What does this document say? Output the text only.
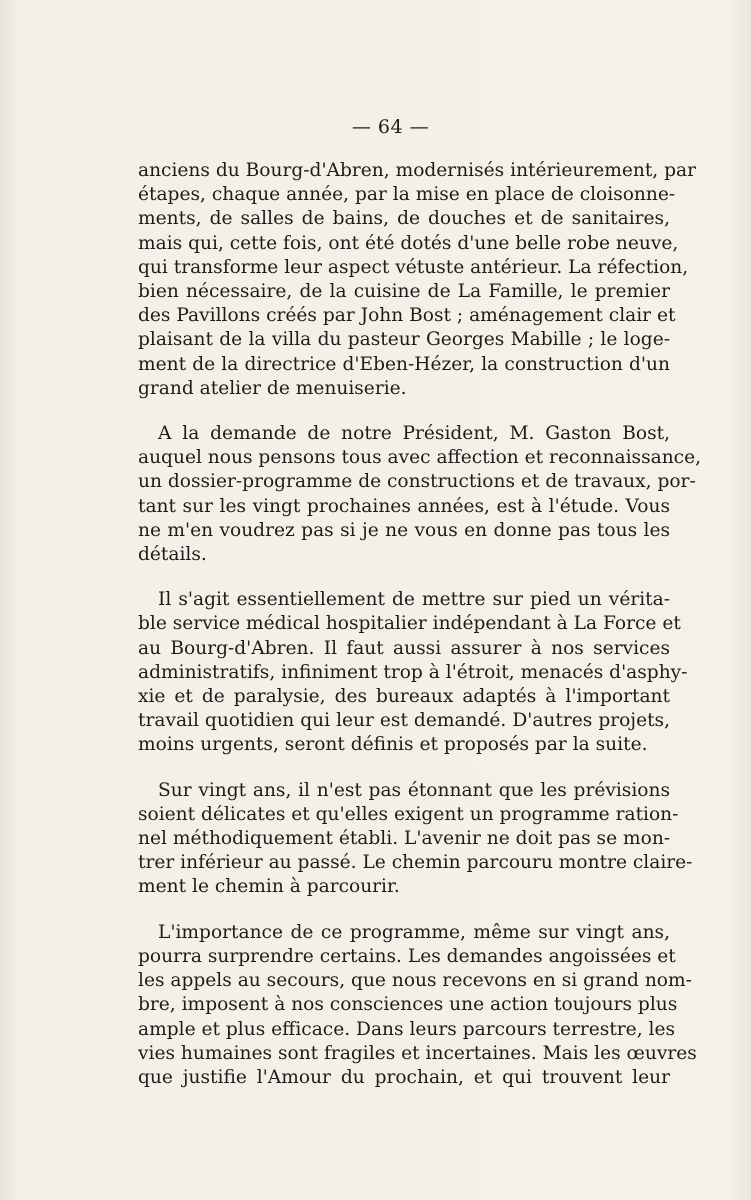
— 64 —
anciens du Bourg-d'Abren, modernisés intérieurement, par
étapes, chaque année, par la mise en place de cloisonne-
ments, de salles de bains, de douches et de sanitaires,
mais qui, cette fois, ont été dotés d'une belle robe neuve,
qui transforme leur aspect vétuste antérieur. La réfection,
bien nécessaire, de la cuisine de La Famille, le premier
des Pavillons créés par John Bost ; aménagement clair et
plaisant de la villa du pasteur Georges Mabille ; le loge-
ment de la directrice d'Eben-Hézer, la construction d'un
grand atelier de menuiserie.
A la demande de notre Président, M. Gaston Bost,
auquel nous pensons tous avec affection et reconnaissance,
un dossier-programme de constructions et de travaux, por-
tant sur les vingt prochaines années, est à l'étude. Vous
ne m'en voudrez pas si je ne vous en donne pas tous les
détails.
Il s'agit essentiellement de mettre sur pied un vérita-
ble service médical hospitalier indépendant à La Force et
au Bourg-d'Abren. Il faut aussi assurer à nos services
administratifs, infiniment trop à l'étroit, menacés d'asphy-
xie et de paralysie, des bureaux adaptés à l'important
travail quotidien qui leur est demandé. D'autres projets,
moins urgents, seront définis et proposés par la suite.
Sur vingt ans, il n'est pas étonnant que les prévisions
soient délicates et qu'elles exigent un programme ration-
nel méthodiquement établi. L'avenir ne doit pas se mon-
trer inférieur au passé. Le chemin parcouru montre claire-
ment le chemin à parcourir.
L'importance de ce programme, même sur vingt ans,
pourra surprendre certains. Les demandes angoissées et
les appels au secours, que nous recevons en si grand nom-
bre, imposent à nos consciences une action toujours plus
ample et plus efficace. Dans leurs parcours terrestre, les
vies humaines sont fragiles et incertaines. Mais les œuvres
que justifie l'Amour du prochain, et qui trouvent leur
